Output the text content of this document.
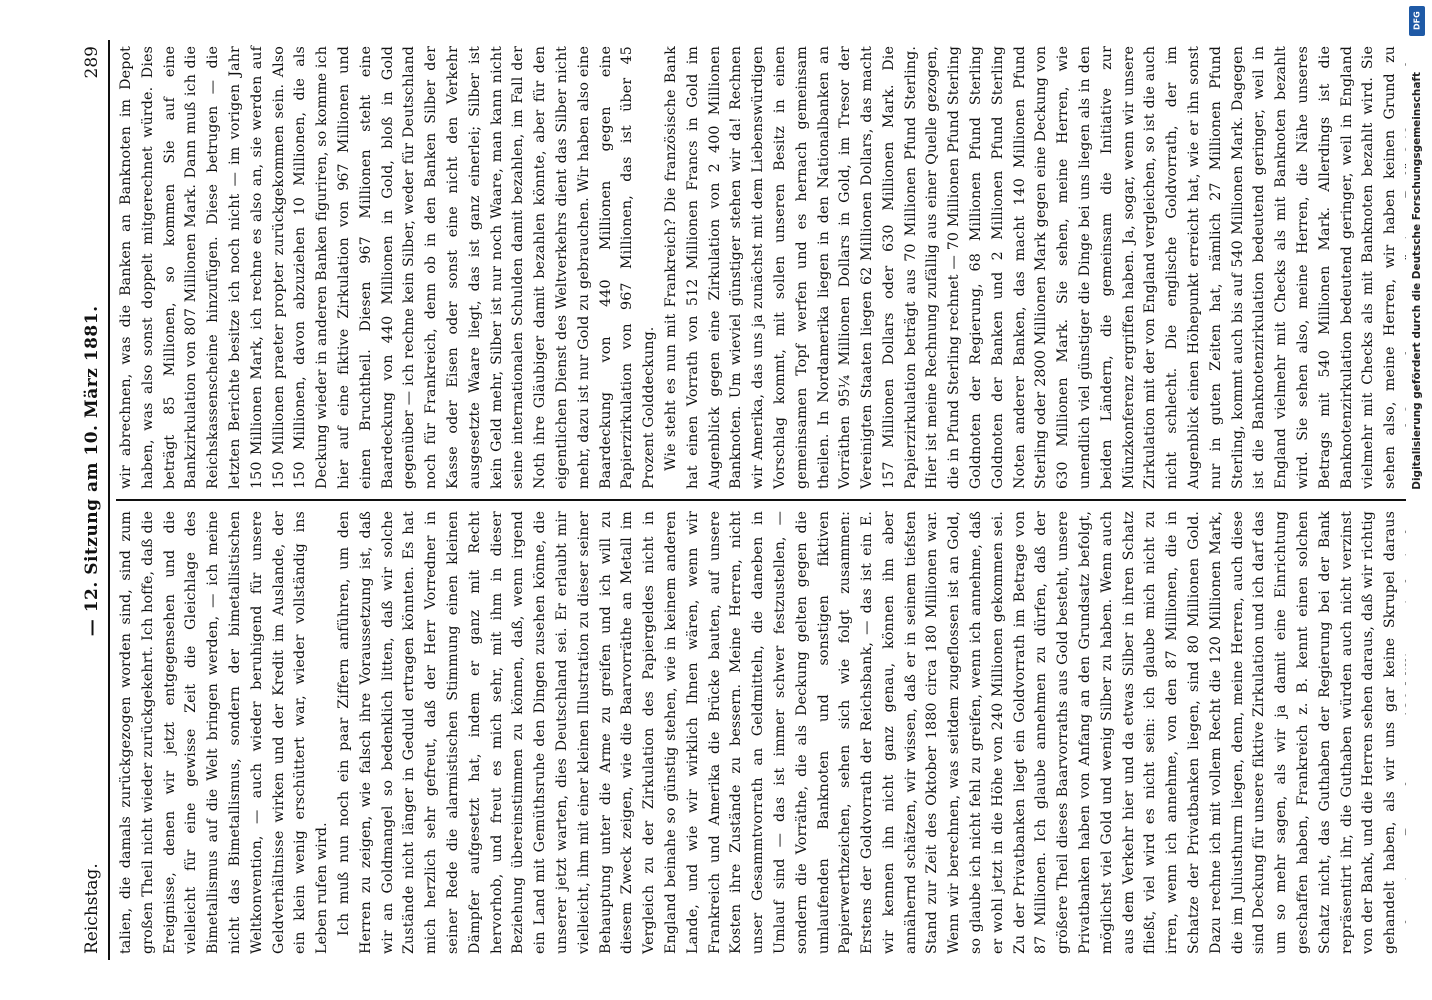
Reichstag.
— 12. Sitzung am 10. März 1881.
289

talien, die damals zurückgezogen worden sind, sind zum großen Theil nicht wieder zurückgekehrt. Ich hoffe, daß die Ereignisse, denen wir jetzt entgegensehen und die vielleicht für eine gewisse Zeit die Gleichlage des Bimetallismus auf die Welt bringen werden, — ich meine nicht das Bimetallismus, sondern der bimetallistischen Weltkonvention, — auch wieder beruhigend für unsere Geldverhältnisse wirken und der Kredit im Auslande, der ein klein wenig erschüttert war, wieder vollständig ins Leben rufen wird. Ich muß nun noch ein paar Ziffern anführen, um den Herren zu zeigen, wie falsch ihre Voraussetzung ist, daß wir an Goldmangel so bedenklich litten, daß wir solche Zustände nicht länger in Geduld ertragen könnten. Es hat mich herzlich sehr gefreut, daß der Herr Vorredner in seiner Rede die alarmistischen Stimmung einen kleinen Dämpfer aufgesetzt hat, indem er ganz mit Recht hervorhob, und freut es mich sehr, mit ihm in dieser Beziehung übereinstimmen zu können, daß, wenn irgend ein Land mit Gemüthsruhe den Dingen zusehen könne, die unserer jetzt warten, dies Deutschland sei. Er erlaubt mir vielleicht, ihm mit einer kleinen Illustration zu dieser seiner Behauptung unter die Arme zu greifen und ich will zu diesem Zweck zeigen, wie die Baarvorräthe an Metall im Vergleich zu der Zirkulation des Papiergeldes nicht in England beinahe so günstig stehen, wie in keinem anderen Lande, und wie wir wirklich Ihnen wären, wenn wir Frankreich und Amerika die Brücke bauten, auf unsere Kosten ihre Zustände zu bessern. Meine Herren, nicht unser Gesammtvorrath an Geldmitteln, die daneben in Umlauf sind — das ist immer schwer festzustellen, — sondern die Vorräthe, die als Deckung gelten gegen die umlaufenden Banknoten und sonstigen fiktiven Papierwerthzeichen, sehen sich wie folgt zusammen: Erstens der Goldvorrath der Reichsbank, — das ist ein E. wir kennen ihn nicht ganz genau, können ihn aber annähernd schätzen, wir wissen, daß er in seinem tiefsten Stand zur Zeit des Oktober 1880 circa 180 Millionen war. Wenn wir berechnen, was seitdem zugeflossen ist an Gold, so glaube ich nicht fehl zu greifen, wenn ich annehme, daß er wohl jetzt in die Höhe von 240 Millionen gekommen sei. Zu der Privatbanken liegt ein Goldvorrath im Betrage von 87 Millionen. Ich glaube annehmen zu dürfen, daß der größere Theil dieses Baarvorraths aus Gold besteht, unsere Privatbanken haben von Anfang an den Grundsatz befolgt, möglichst viel Gold und wenig Silber zu haben. Wenn auch aus dem Verkehr hier und da etwas Silber in ihren Schatz fließt, viel wird es nicht sein: ich glaube mich nicht zu irren, wenn ich annehme, von den 87 Millionen, die in Schatze der Privatbanken liegen, sind 80 Millionen Gold. Dazu rechne ich mit vollem Recht die 120 Millionen Mark, die im Juliusthurm liegen, denn, meine Herren, auch diese sind Deckung für unsere fiktive Zirkulation und ich darf das um so mehr sagen, als wir ja damit eine Einrichtung geschaffen haben, Frankreich z. B. kennt einen solchen Schatz nicht, das Guthaben der Regierung bei der Bank repräsentirt ihr, die Guthaben würden auch nicht verzinst von der Bank, und die Herren sehen daraus, daß wir richtig gehandelt haben, als wir uns gar keine Skrupel daraus

wir abrechnen, was die Banken an Banknoten im Depot haben, was also sonst doppelt mitgerechnet würde. Dies beträgt 85 Millionen, so kommen Sie auf eine Bankzirkulation von 807 Millionen Mark. Dann muß ich die Reichskassenscheine hinzufügen. Diese betrugen — die letzten Berichte besitze ich noch nicht — im vorigen Jahr 150 Millionen Mark, ich rechne es also an, sie werden auf 150 Millionen praeter propter zurückgekommen sein. Also 150 Millionen, davon abzuziehen 10 Millionen, die als Deckung wieder in anderen Banken figuriren, so komme ich hier auf eine fiktive Zirkulation von 967 Millionen und einen Bruchtheil. Diesen 967 Millionen steht eine Baardeckung von 440 Millionen in Gold, bloß in Gold gegenüber — ich rechne kein Silber, weder für Deutschland noch für Frankreich, denn ob in den Banken Silber der Kasse oder Eisen oder sonst eine nicht den Verkehr ausgesetzte Waare liegt, das ist ganz einerlei; Silber ist kein Geld mehr, Silber ist nur noch Waare, man kann nicht seine internationalen Schulden damit bezahlen, im Fall der Noth ihre Gläubiger damit bezahlen könnte, aber für den eigentlichen Dienst des Weltverkehrs dient das Silber nicht mehr, dazu ist nur Gold zu gebrauchen. Wir haben also eine Baardeckung von 440 Millionen gegen eine Papierzirkulation von 967 Millionen, das ist über 45 Prozent Golddeckung. Wie steht es nun mit Frankreich? Die französische Bank hat einen Vorrath von 512 Millionen Francs in Gold im Augenblick gegen eine Zirkulation von 2 400 Millionen Banknoten. Um wieviel günstiger stehen wir da! Rechnen wir Amerika, das uns ja zunächst mit dem Liebenswürdigen Vorschlag kommt, mit sollen unseren Besitz in einen gemeinsamen Topf werfen und es hernach gemeinsam theilen. In Nordamerika liegen in den Nationalbanken an Vorräthen 95¼ Millionen Dollars in Gold, im Tresor der Vereinigten Staaten liegen 62 Millionen Dollars, das macht 157 Millionen Dollars oder 630 Millionen Mark. Die Papierzirkulation beträgt aus 70 Millionen Pfund Sterling. Hier ist meine Rechnung zufällig aus einer Quelle gezogen, die in Pfund Sterling rechnet — 70 Millionen Pfund Sterling Goldnoten der Regierung, 68 Millionen Pfund Sterling Goldnoten der Banken und 2 Millionen Pfund Sterling Noten anderer Banken, das macht 140 Millionen Pfund Sterling oder 2800 Millionen Mark gegen eine Deckung von 630 Millionen Mark. Sie sehen, meine Herren, wie unendlich viel günstiger die Dinge bei uns liegen als in den beiden Ländern, die gemeinsam die Initiative zur Münzkonferenz ergriffen haben. Ja, sogar, wenn wir unsere Zirkulation mit der von England vergleichen, so ist die auch nicht schlecht. Die englische Goldvorrath, der im Augenblick einen Höhepunkt erreicht hat, wie er ihn sonst nur in guten Zeiten hat, nämlich 27 Millionen Pfund Sterling, kommt auch bis auf 540 Millionen Mark. Dagegen ist die Banknotenzirkulation bedeutend geringer, weil in England vielmehr mit Checks als mit Banknoten bezahlt wird. Sie sehen also, meine Herren, die Nähe unseres Betrags mit 540 Millionen Mark. Allerdings ist die Banknotenzirkulation bedeutend geringer, weil in England vielmehr mit Checks als mit Banknoten bezahlt wird. Sie sehen also, meine Herren, wir haben keinen Grund zu

DFG
Digitalisierung gefördert durch die Deutsche Forschungsgemeinschaft
